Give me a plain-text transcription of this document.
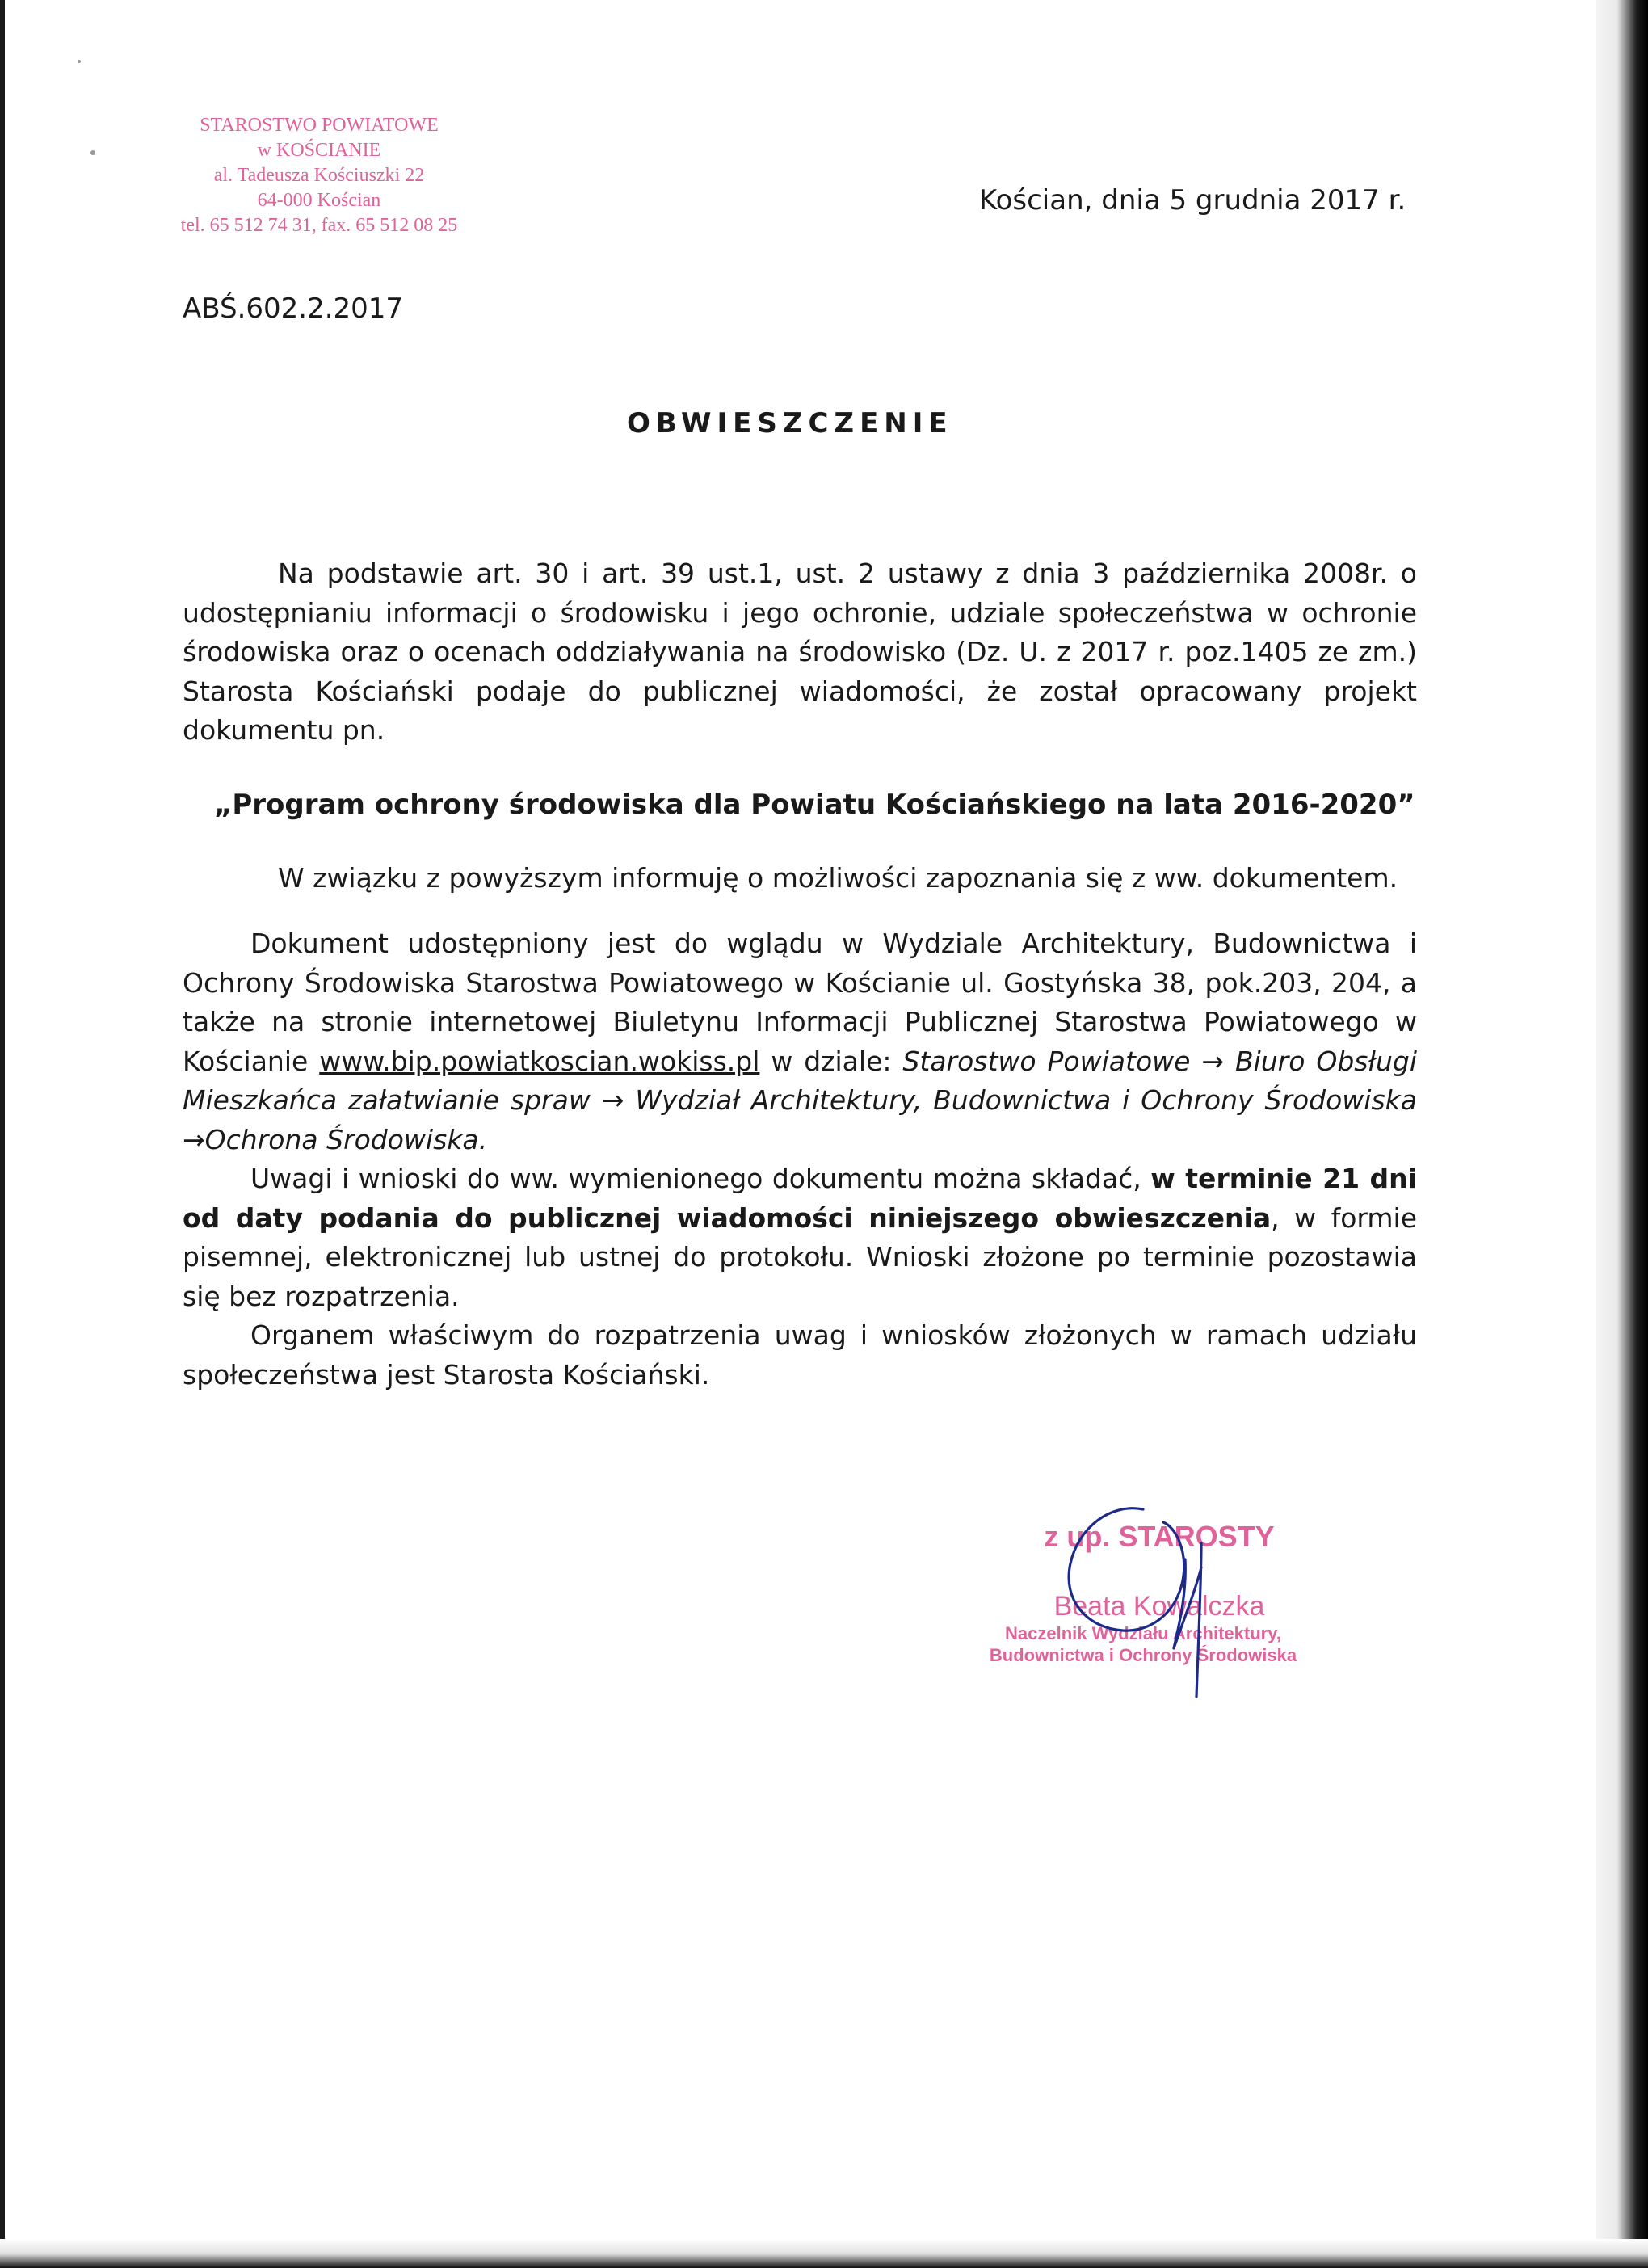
STAROSTWO POWIATOWE
w KOŚCIANIE
al. Tadeusza Kościuszki 22
64-000 Kościan
tel. 65 512 74 31, fax. 65 512 08 25
Kościan, dnia 5 grudnia 2017 r.
ABŚ.602.2.2017
OBWIESZCZENIE
Na podstawie art. 30 i art. 39 ust.1, ust. 2 ustawy z dnia 3 października 2008r. o udostępnianiu informacji o środowisku i jego ochronie, udziale społeczeństwa w ochronie środowiska oraz o ocenach oddziaływania na środowisko (Dz. U. z 2017 r. poz.1405 ze zm.) Starosta Kościański podaje do publicznej wiadomości, że został opracowany projekt dokumentu pn.
„Program ochrony środowiska dla Powiatu Kościańskiego na lata 2016-2020”
W związku z powyższym informuję o możliwości zapoznania się z ww. dokumentem.
Dokument udostępniony jest do wglądu w Wydziale Architektury, Budownictwa i Ochrony Środowiska Starostwa Powiatowego w Kościanie ul. Gostyńska 38, pok.203, 204, a także na stronie internetowej Biuletynu Informacji Publicznej Starostwa Powiatowego w Kościanie www.bip.powiatkoscian.wokiss.pl w dziale: Starostwo Powiatowe → Biuro Obsługi Mieszkańca załatwianie spraw → Wydział Architektury, Budownictwa i Ochrony Środowiska →Ochrona Środowiska.
Uwagi i wnioski do ww. wymienionego dokumentu można składać, w terminie 21 dni od daty podania do publicznej wiadomości niniejszego obwieszczenia, w formie pisemnej, elektronicznej lub ustnej do protokołu. Wnioski złożone po terminie pozostawia się bez rozpatrzenia.
Organem właściwym do rozpatrzenia uwag i wniosków złożonych w ramach udziału społeczeństwa jest Starosta Kościański.
z up. STAROSTY
Beata Kowalczka
Naczelnik Wydziału Architektury,
Budownictwa i Ochrony Środowiska
